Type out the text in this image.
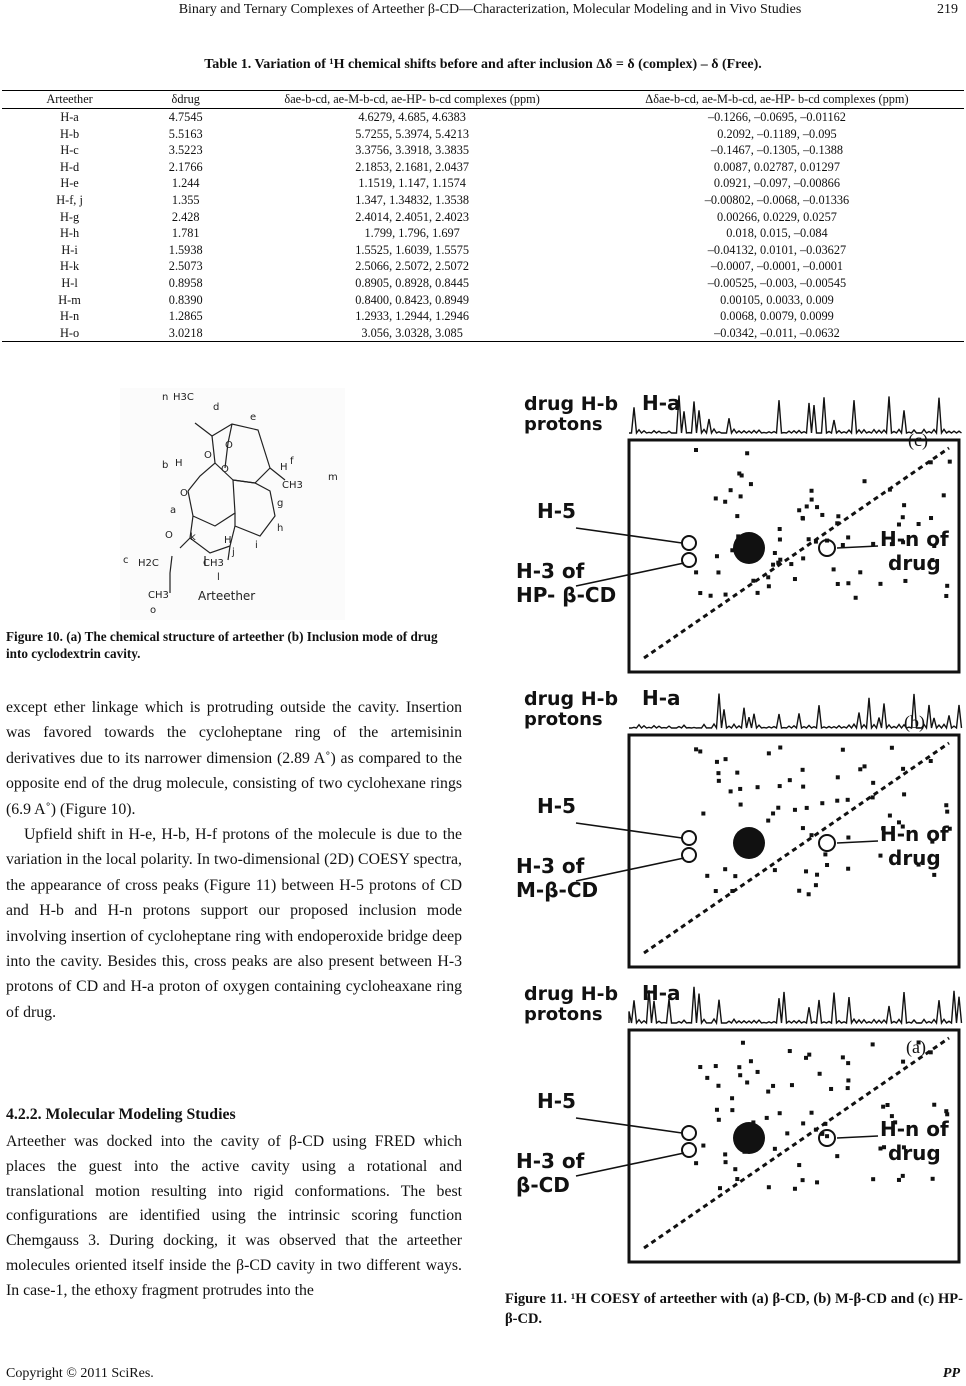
Binary and Ternary Complexes of Arteether β-CD—Characterization, Molecular Modeling and in Vivo Studies	219
Table 1. Variation of ¹H chemical shifts before and after inclusion Δδ = δ (complex) – δ (Free).
Arteether	δdrug	δae-b-cd, ae-M-b-cd, ae-HP- b-cd complexes (ppm)	Δδae-b-cd, ae-M-b-cd, ae-HP- b-cd complexes (ppm)
H-a	4.7545	4.6279, 4.685, 4.6383	–0.1266, –0.0695, –0.01162
H-b	5.5163	5.7255, 5.3974, 5.4213	0.2092, –0.1189, –0.095
H-c	3.5223	3.3756, 3.3918, 3.3835	–0.1467, –0.1305, –0.1388
H-d	2.1766	2.1853, 2.1681, 2.0437	0.0087, 0.02787, 0.01297
H-e	1.244	1.1519, 1.147, 1.1574	0.0921, –0.097, –0.00866
H-f, j	1.355	1.347, 1.34832, 1.3538	–0.00802, –0.0068, –0.01336
H-g	2.428	2.4014, 2.4051, 2.4023	0.00266, 0.0229, 0.0257
H-h	1.781	1.799, 1.796, 1.697	0.018, 0.015, –0.084
H-i	1.5938	1.5525, 1.6039, 1.5575	–0.04132, 0.0101, –0.03627
H-k	2.5073	2.5066, 2.5072, 2.5072	–0.0007, –0.0001, –0.0001
H-l	0.8958	0.8905, 0.8928, 0.8445	–0.00525, –0.003, –0.00545
H-m	0.8390	0.8400, 0.8423, 0.8949	0.00105, 0.0033, 0.009
H-n	1.2865	1.2933, 1.2944, 1.2946	0.0068, 0.0079, 0.0099
H-o	3.0218	3.056, 3.0328, 3.085	–0.0342, –0.011, –0.0632
n H3C
d
e
O
O
O
b H	H
f
CH3
m
O
g
a
h
O k	H
j
i
c H2C	CH3
l
CH3
o
Arteether
Figure 10. (a) The chemical structure of arteether (b) Inclusion mode of drug into cyclodextrin cavity.

except ether linkage which is protruding outside the cavity. Insertion was favored towards the cycloheptane ring of the artemisinin derivatives due to its narrower dimension (2.89 A˚) as compared to the opposite end of the drug molecule, consisting of two cyclohexane rings (6.9 A˚) (Figure 10).

Upfield shift in H-e, H-b, H-f protons of the molecule is due to the variation in the local polarity. In two-dimensional (2D) COESY spectra, the appearance of cross peaks (Figure 11) between H-5 protons of CD and H-b and H-n protons support our proposed inclusion mode involving insertion of cycloheptane ring with endoperoxide bridge deep into the cavity. Besides this, cross peaks are also present between H-3 protons of CD and H-a proton of oxygen containing cycloheaxane ring of drug.

4.2.2. Molecular Modeling Studies

Arteether was docked into the cavity of β-CD using FRED which places the guest into the active cavity using a rotational and translational motion resulting into rigid conformations. The best configurations are identified using the intrinsic scoring function Chemgauss 3. During docking, it was observed that the arteether molecules oriented itself inside the β-CD cavity in two different ways. In case-1, the ethoxy fragment protrudes into the

drug H-b
protons
H-a
H-5
H-3 of
HP- β-CD
H-n of
drug
(c)
drug H-b
protons
H-a
H-5
H-3 of
M-β-CD
H-n of
drug
(b)
drug H-b
protons
H-a
H-5
H-3 of
β-CD
H-n of
drug
(a)
Figure 11. ¹H COESY of arteether with (a) β-CD, (b) M-β-CD and (c) HP-β-CD.
Copyright © 2011 SciRes.	PP
